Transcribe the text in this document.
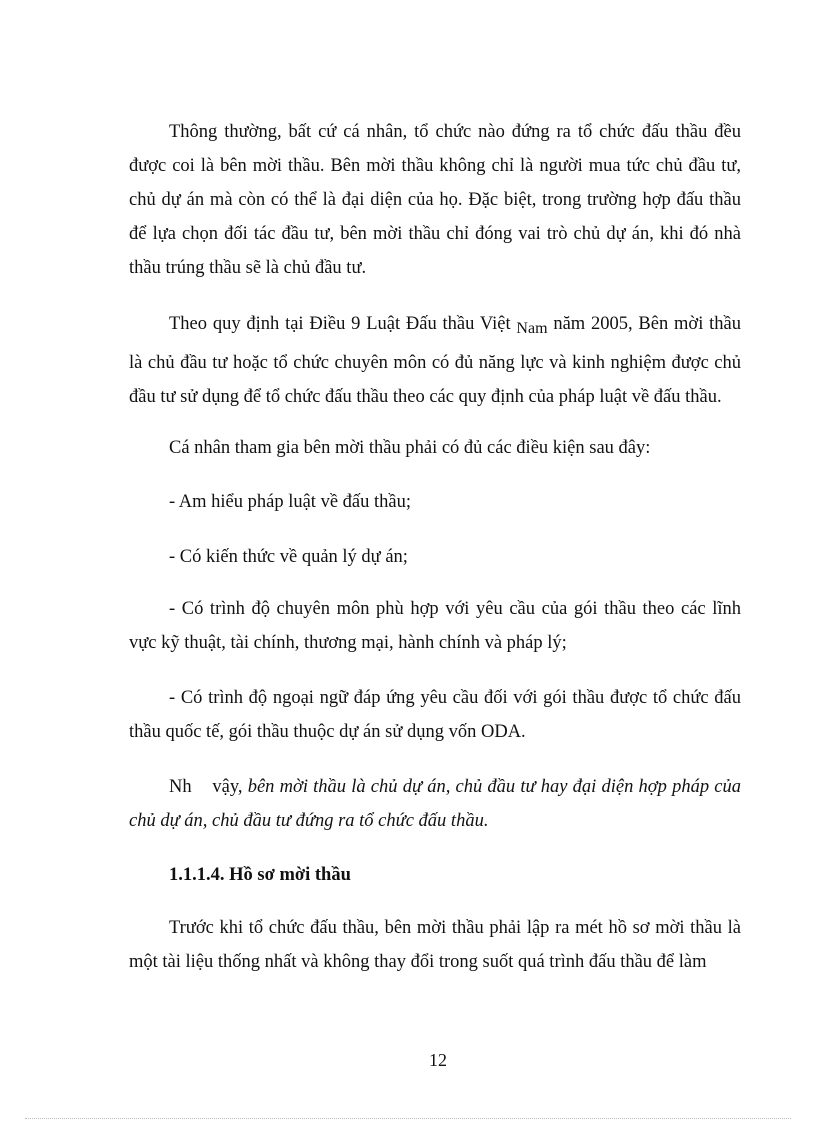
Thông thường, bất cứ cá nhân, tổ chức nào đứng ra tổ chức đấu thầu đều được coi là bên mời thầu. Bên mời thầu không chỉ là người mua tức chủ đầu tư, chủ dự án mà còn có thể là đại diện của họ. Đặc biệt, trong trường hợp đấu thầu để lựa chọn đối tác đầu tư, bên mời thầu chỉ đóng vai trò chủ dự án, khi đó nhà thầu trúng thầu sẽ là chủ đầu tư.

Theo quy định tại Điều 9 Luật Đấu thầu Việt Nam năm 2005, Bên mời thầu là chủ đầu tư hoặc tổ chức chuyên môn có đủ năng lực và kinh nghiệm được chủ đầu tư sử dụng để tổ chức đấu thầu theo các quy định của pháp luật về đấu thầu.

Cá nhân tham gia bên mời thầu phải có đủ các điều kiện sau đây:

- Am hiểu pháp luật về đấu thầu;

- Có kiến thức về quản lý dự án;

- Có trình độ chuyên môn phù hợp với yêu cầu của gói thầu theo các lĩnh vực kỹ thuật, tài chính, thương mại, hành chính và pháp lý;

- Có trình độ ngoại ngữ đáp ứng yêu cầu đối với gói thầu được tổ chức đấu thầu quốc tế, gói thầu thuộc dự án sử dụng vốn ODA.

Nh vậy, bên mời thầu là chủ dự án, chủ đầu tư hay đại diện hợp pháp của chủ dự án, chủ đầu tư đứng ra tổ chức đấu thầu.

1.1.1.4. Hồ sơ mời thầu

Trước khi tổ chức đấu thầu, bên mời thầu phải lập ra mét hồ sơ mời thầu là một tài liệu thống nhất và không thay đổi trong suốt quá trình đấu thầu để làm

12
